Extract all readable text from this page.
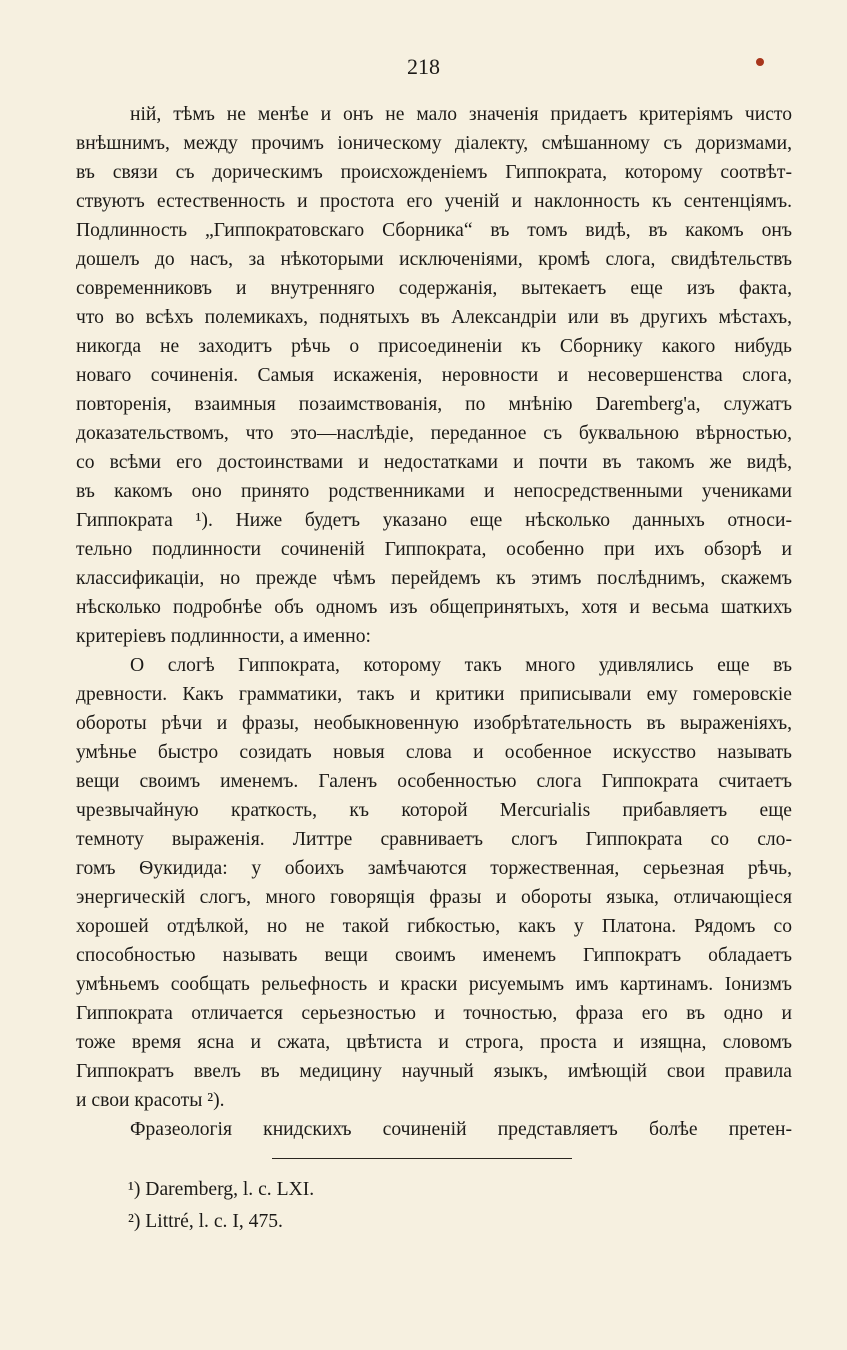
218
ній, тѣмъ не менѣе и онъ не мало значенія придаетъ критеріямъ чисто
внѣшнимъ, между прочимъ іоническому діалекту, смѣшанному съ доризмами,
въ связи съ дорическимъ происхожденіемъ Гиппократа, которому соотвѣт-
ствуютъ естественность и простота его ученій и наклонность къ сентенціямъ.
Подлинность „Гиппократовскаго Сборника“ въ томъ видѣ, въ какомъ онъ
дошелъ до насъ, за нѣкоторыми исключеніями, кромѣ слога, свидѣтельствъ
современниковъ и внутренняго содержанія, вытекаетъ еще изъ факта,
что во всѣхъ полемикахъ, поднятыхъ въ Александріи или въ другихъ мѣстахъ,
никогда не заходитъ рѣчь о присоединеніи къ Сборнику какого нибудь
новаго сочиненія. Самыя искаженія, неровности и несовершенства слога,
повторенія, взаимныя позаимствованія, по мнѣнію Daremberg'а, служатъ
доказательствомъ, что это—наслѣдіе, переданное съ буквальною вѣрностью,
со всѣми его достоинствами и недостатками и почти въ такомъ же видѣ,
въ какомъ оно принято родственниками и непосредственными учениками
Гиппократа ¹). Ниже будетъ указано еще нѣсколько данныхъ относи-
тельно подлинности сочиненій Гиппократа, особенно при ихъ обзорѣ и
классификаціи, но прежде чѣмъ перейдемъ къ этимъ послѣднимъ, скажемъ
нѣсколько подробнѣе объ одномъ изъ общепринятыхъ, хотя и весьма шаткихъ
критеріевъ подлинности, а именно:
О слогѣ Гиппократа, которому такъ много удивлялись еще въ
древности. Какъ грамматики, такъ и критики приписывали ему гомеровскіе
обороты рѣчи и фразы, необыкновенную изобрѣтательность въ выраженіяхъ,
умѣнье быстро созидать новыя слова и особенное искусство называть
вещи своимъ именемъ. Галенъ особенностью слога Гиппократа считаетъ
чрезвычайную краткость, къ которой Mercurialis прибавляетъ еще
темноту выраженія. Литтре сравниваетъ слогъ Гиппократа со сло-
гомъ Ѳукидида: у обоихъ замѣчаются торжественная, серьезная рѣчь,
энергическій слогъ, много говорящія фразы и обороты языка, отличающіеся
хорошей отдѣлкой, но не такой гибкостью, какъ у Платона. Рядомъ со
способностью называть вещи своимъ именемъ Гиппократъ обладаетъ
умѣньемъ сообщать рельефность и краски рисуемымъ имъ картинамъ. Іонизмъ
Гиппократа отличается серьезностью и точностью, фраза его въ одно и
тоже время ясна и сжата, цвѣтиста и строга, проста и изящна, словомъ
Гиппократъ ввелъ въ медицину научный языкъ, имѣющій свои правила
и свои красоты ²).
Фразеологія книдскихъ сочиненій представляетъ болѣе претен-
¹) Daremberg, l. c. LXI.
²) Littré, l. c. I, 475.
